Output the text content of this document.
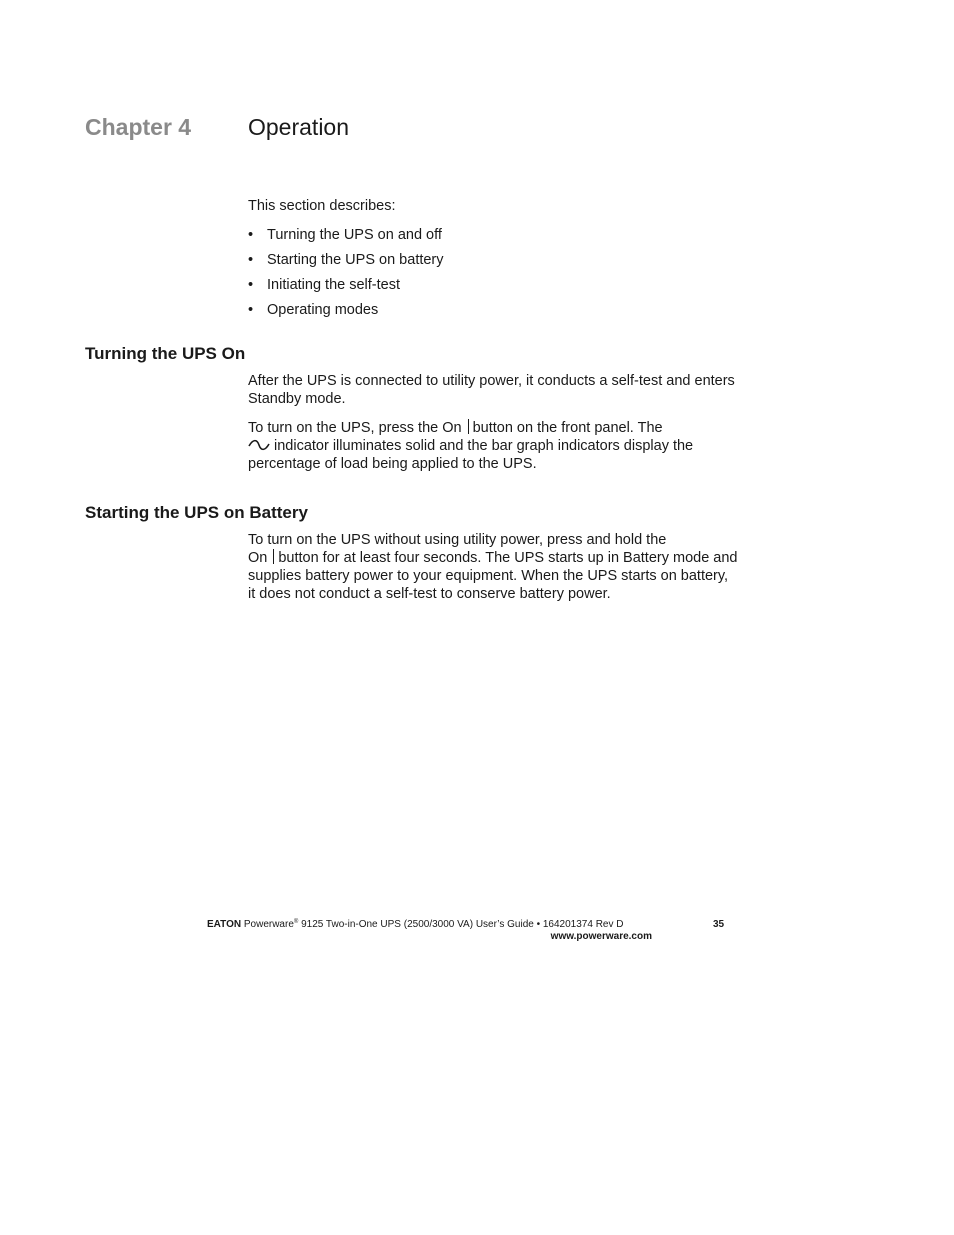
Chapter 4 Operation
This section describes:
• Turning the UPS on and off
• Starting the UPS on battery
• Initiating the self-test
• Operating modes
Turning the UPS On

After the UPS is connected to utility power, it conducts a self-test and enters Standby mode.

To turn on the UPS, press the On button on the front panel. The
indicator illuminates solid and the bar graph indicators display the percentage of load being applied to the UPS.

Starting the UPS on Battery

To turn on the UPS without using utility power, press and hold the
On button for at least four seconds. The UPS starts up in Battery mode and supplies battery power to your equipment. When the UPS starts on battery, it does not conduct a self-test to conserve battery power.

EATON Powerware® 9125 Two-in-One UPS (2500/3000 VA) User’s Guide • 164201374 Rev D
www.powerware.com
35
